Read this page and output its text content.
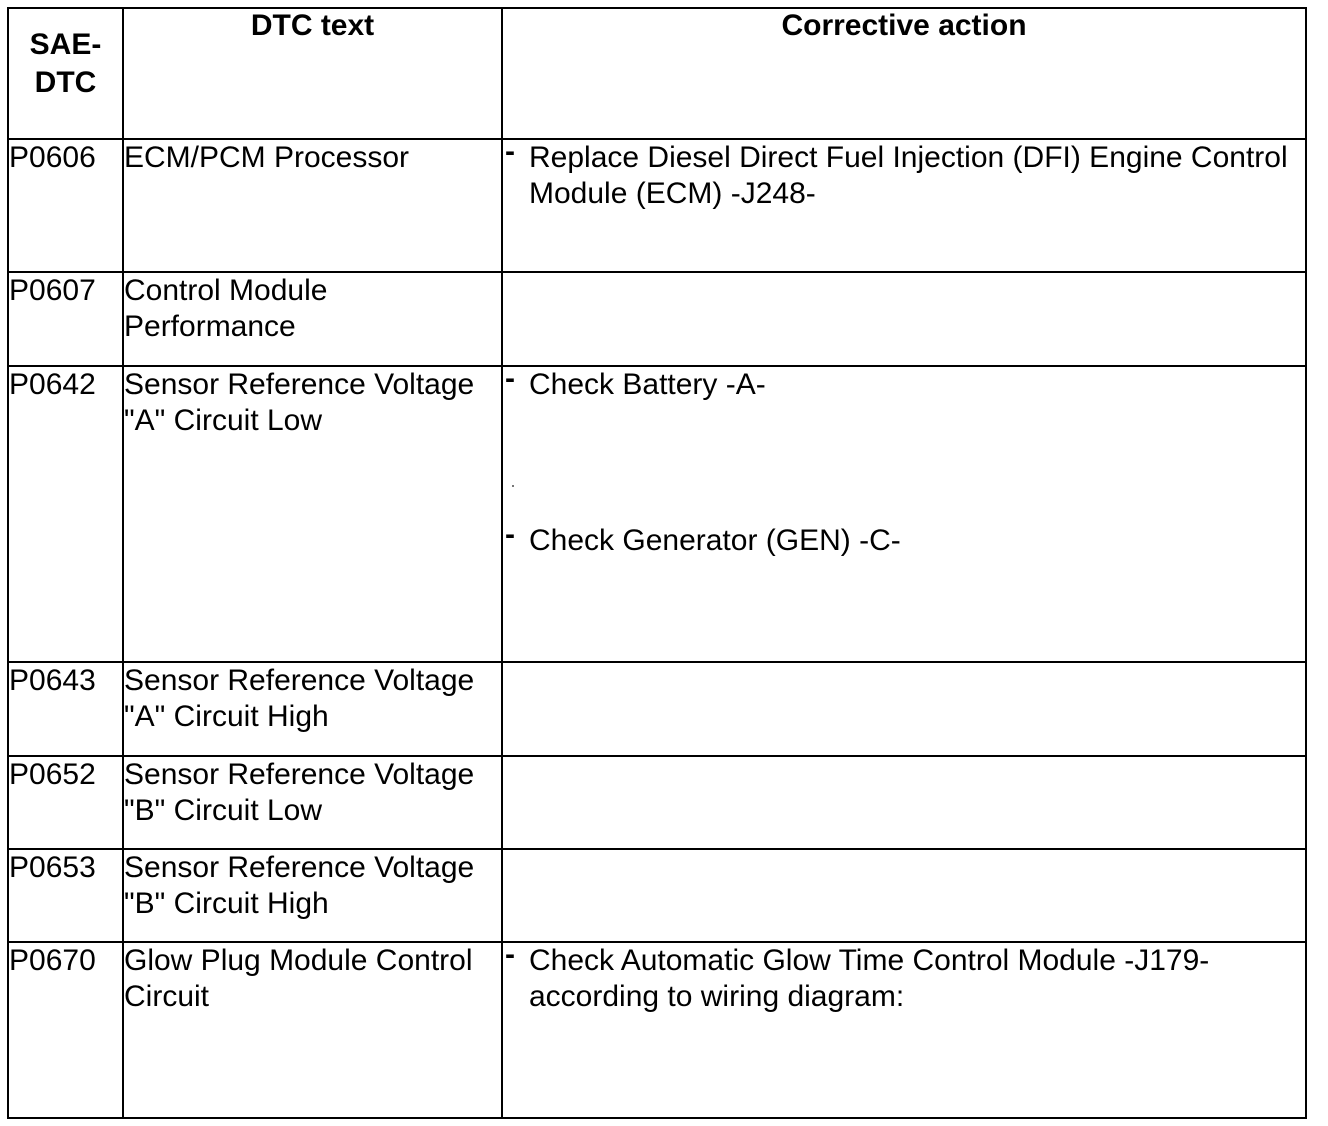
SAE-
DTC	DTC text	Corrective action
P0606	ECM/PCM Processor	- Replace Diesel Direct Fuel Injection (DFI) Engine Control Module (ECM) -J248-

P0607	Control Module Performance	
P0642	Sensor Reference Voltage "A" Circuit Low	- Check Battery -A-
- Check Generator (GEN) -C-

P0643	Sensor Reference Voltage "A" Circuit High	
P0652	Sensor Reference Voltage "B" Circuit Low	
P0653	Sensor Reference Voltage "B" Circuit High	
P0670	Glow Plug Module Control Circuit	- Check Automatic Glow Time Control Module -J179- according to wiring diagram:
